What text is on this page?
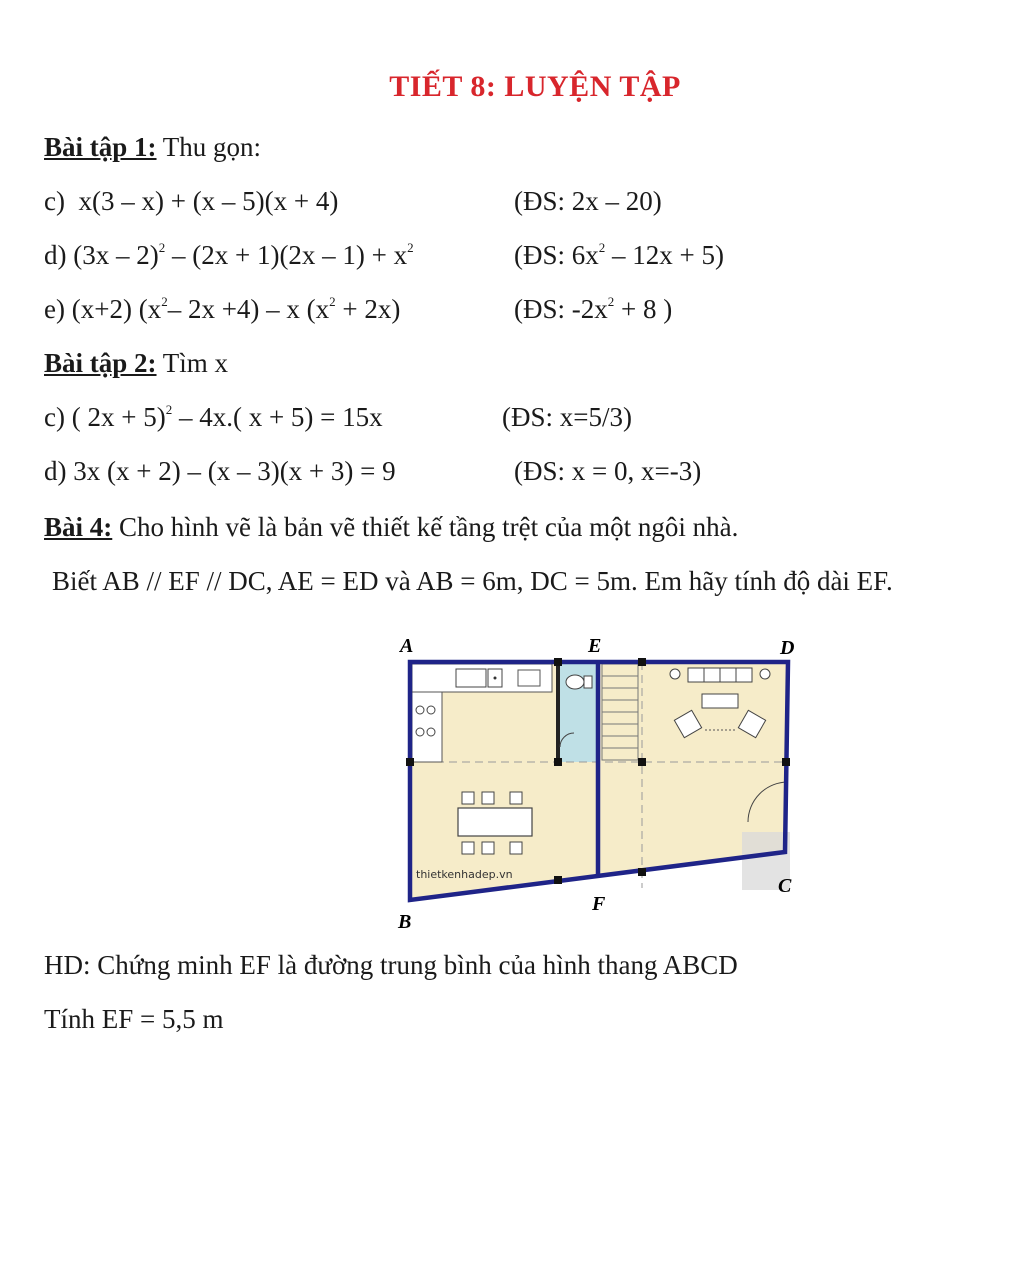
TIẾT 8: LUYỆN TẬP
Bài tập 1: Thu gọn:
c) x(3 – x) + (x – 5)(x + 4)	(ĐS: 2x – 20)
d) $(3x - 2)^2 - (2x + 1)(2x - 1) + x^2$	(ĐS: $6x^2 - 12x + 5$)
e) (x+2) ($x^2-$ 2x +4) – x $(x^2 + 2x)$	(ĐS: $-2x^2 + 8$ )
Bài tập 2: Tìm x
c) ( 2x + 5)$^2$ – 4x.( x + 5) = 15x	(ĐS: x=5/3)
d) 3x (x + 2) – (x – 3)(x + 3) = 9	(ĐS: x = 0, x=-3)
Bài 4: Cho hình vẽ là bản vẽ thiết kế tầng trệt của một ngôi nhà.
Biết AB // EF // DC, AE = ED và AB = 6m, DC = 5m. Em hãy tính độ dài EF.
thietkenhadep.vn
A	E	D
B
F
C
HD: Chứng minh EF là đường trung bình của hình thang ABCD
Tính EF = 5,5 m
